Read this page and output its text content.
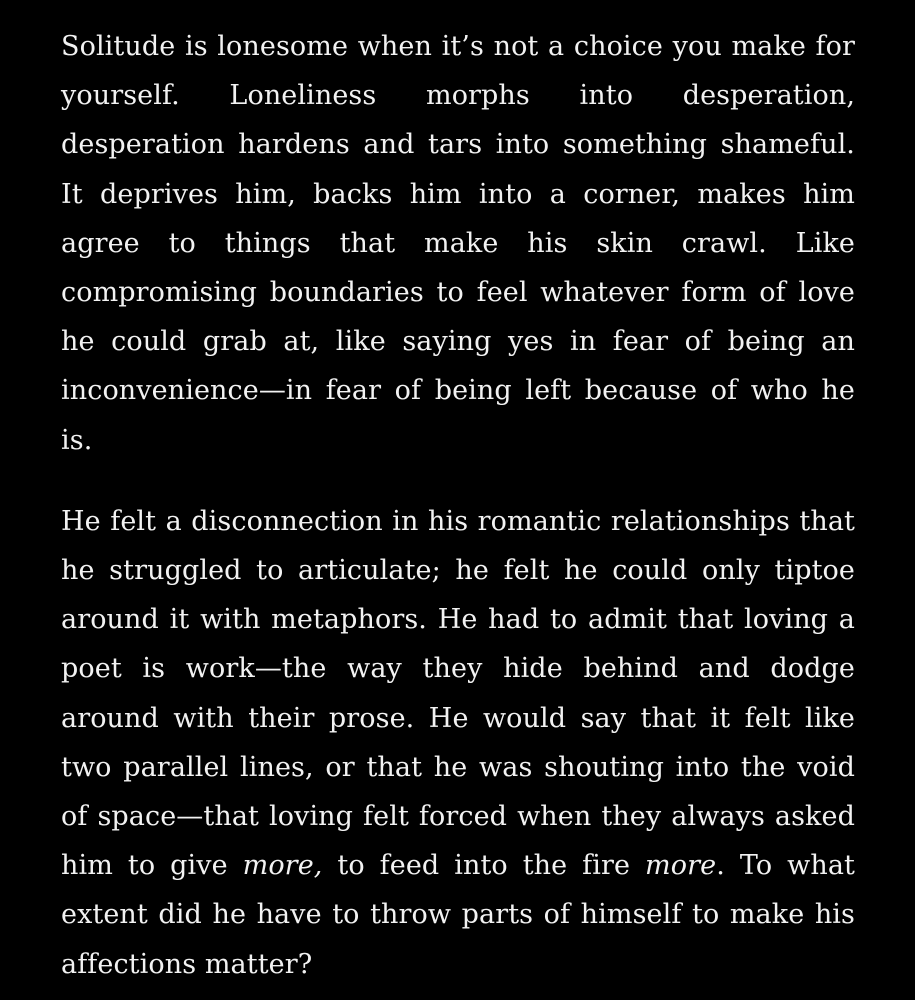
Solitude is lonesome when it’s not a choice you make for yourself. Loneliness morphs into desperation, desperation hardens and tars into something shameful. It deprives him, backs him into a corner, makes him agree to things that make his skin crawl. Like compromising boundaries to feel whatever form of love he could grab at, like saying yes in fear of being an inconvenience—in fear of being left because of who he is.

He felt a disconnection in his romantic relationships that he struggled to articulate; he felt he could only tiptoe around it with metaphors. He had to admit that loving a poet is work—the way they hide behind and dodge around with their prose. He would say that it felt like two parallel lines, or that he was shouting into the void of space—that loving felt forced when they always asked him to give more, to feed into the fire more. To what extent did he have to throw parts of himself to make his affections matter?
